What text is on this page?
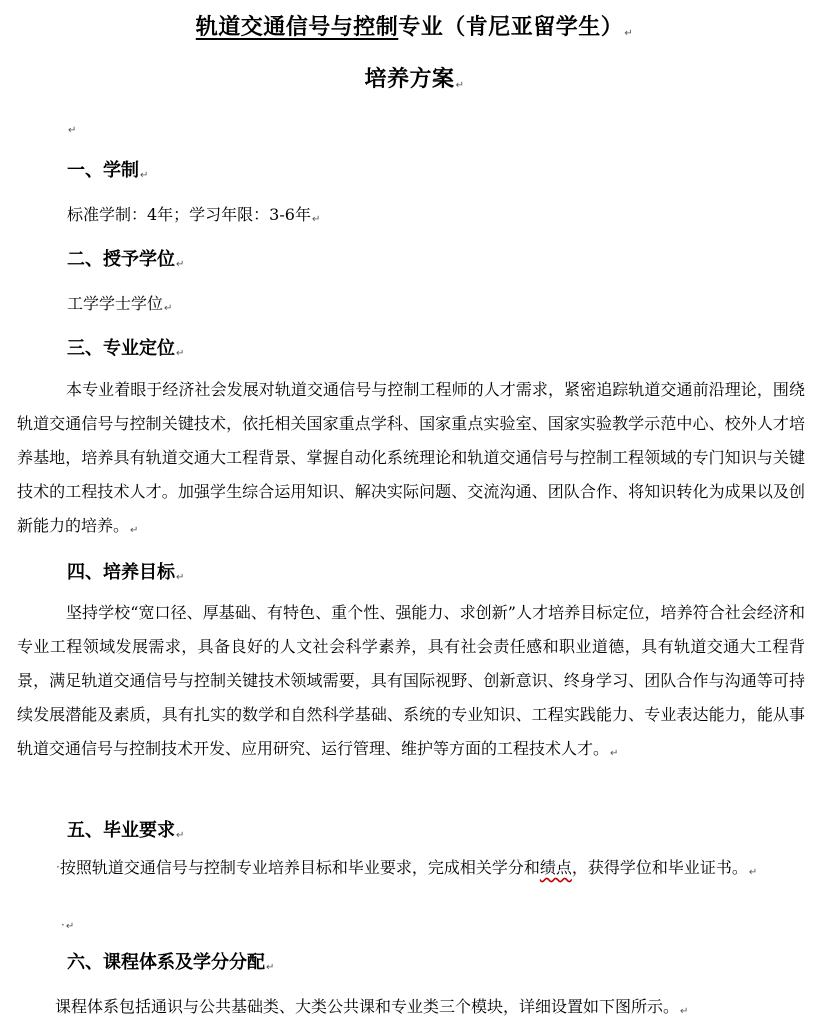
轨道交通信号与控制专业（肯尼亚留学生）↵
培养方案↵
↵
一、学制↵
标准学制：4年；学习年限：3-6年↵
二、授予学位↵
工学学士学位↵
三、专业定位↵
本专业着眼于经济社会发展对轨道交通信号与控制工程师的人才需求，紧密追踪轨道交通前沿理论，围绕轨道交通信号与控制关键技术，依托相关国家重点学科、国家重点实验室、国家实验教学示范中心、校外人才培养基地，培养具有轨道交通大工程背景、掌握自动化系统理论和轨道交通信号与控制工程领域的专门知识与关键技术的工程技术人才。加强学生综合运用知识、解决实际问题、交流沟通、团队合作、将知识转化为成果以及创新能力的培养。↵
四、培养目标↵
坚持学校“宽口径、厚基础、有特色、重个性、强能力、求创新”人才培养目标定位，培养符合社会经济和专业工程领域发展需求，具备良好的人文社会科学素养，具有社会责任感和职业道德，具有轨道交通大工程背景，满足轨道交通信号与控制关键技术领域需要，具有国际视野、创新意识、终身学习、团队合作与沟通等可持续发展潜能及素质，具有扎实的数学和自然科学基础、系统的专业知识、工程实践能力、专业表达能力，能从事轨道交通信号与控制技术开发、应用研究、运行管理、维护等方面的工程技术人才。↵
五、毕业要求↵
·按照轨道交通信号与控制专业培养目标和毕业要求，完成相关学分和绩点，获得学位和毕业证书。↵
·↵
六、课程体系及学分分配↵
课程体系包括通识与公共基础类、大类公共课和专业类三个模块，详细设置如下图所示。↵
